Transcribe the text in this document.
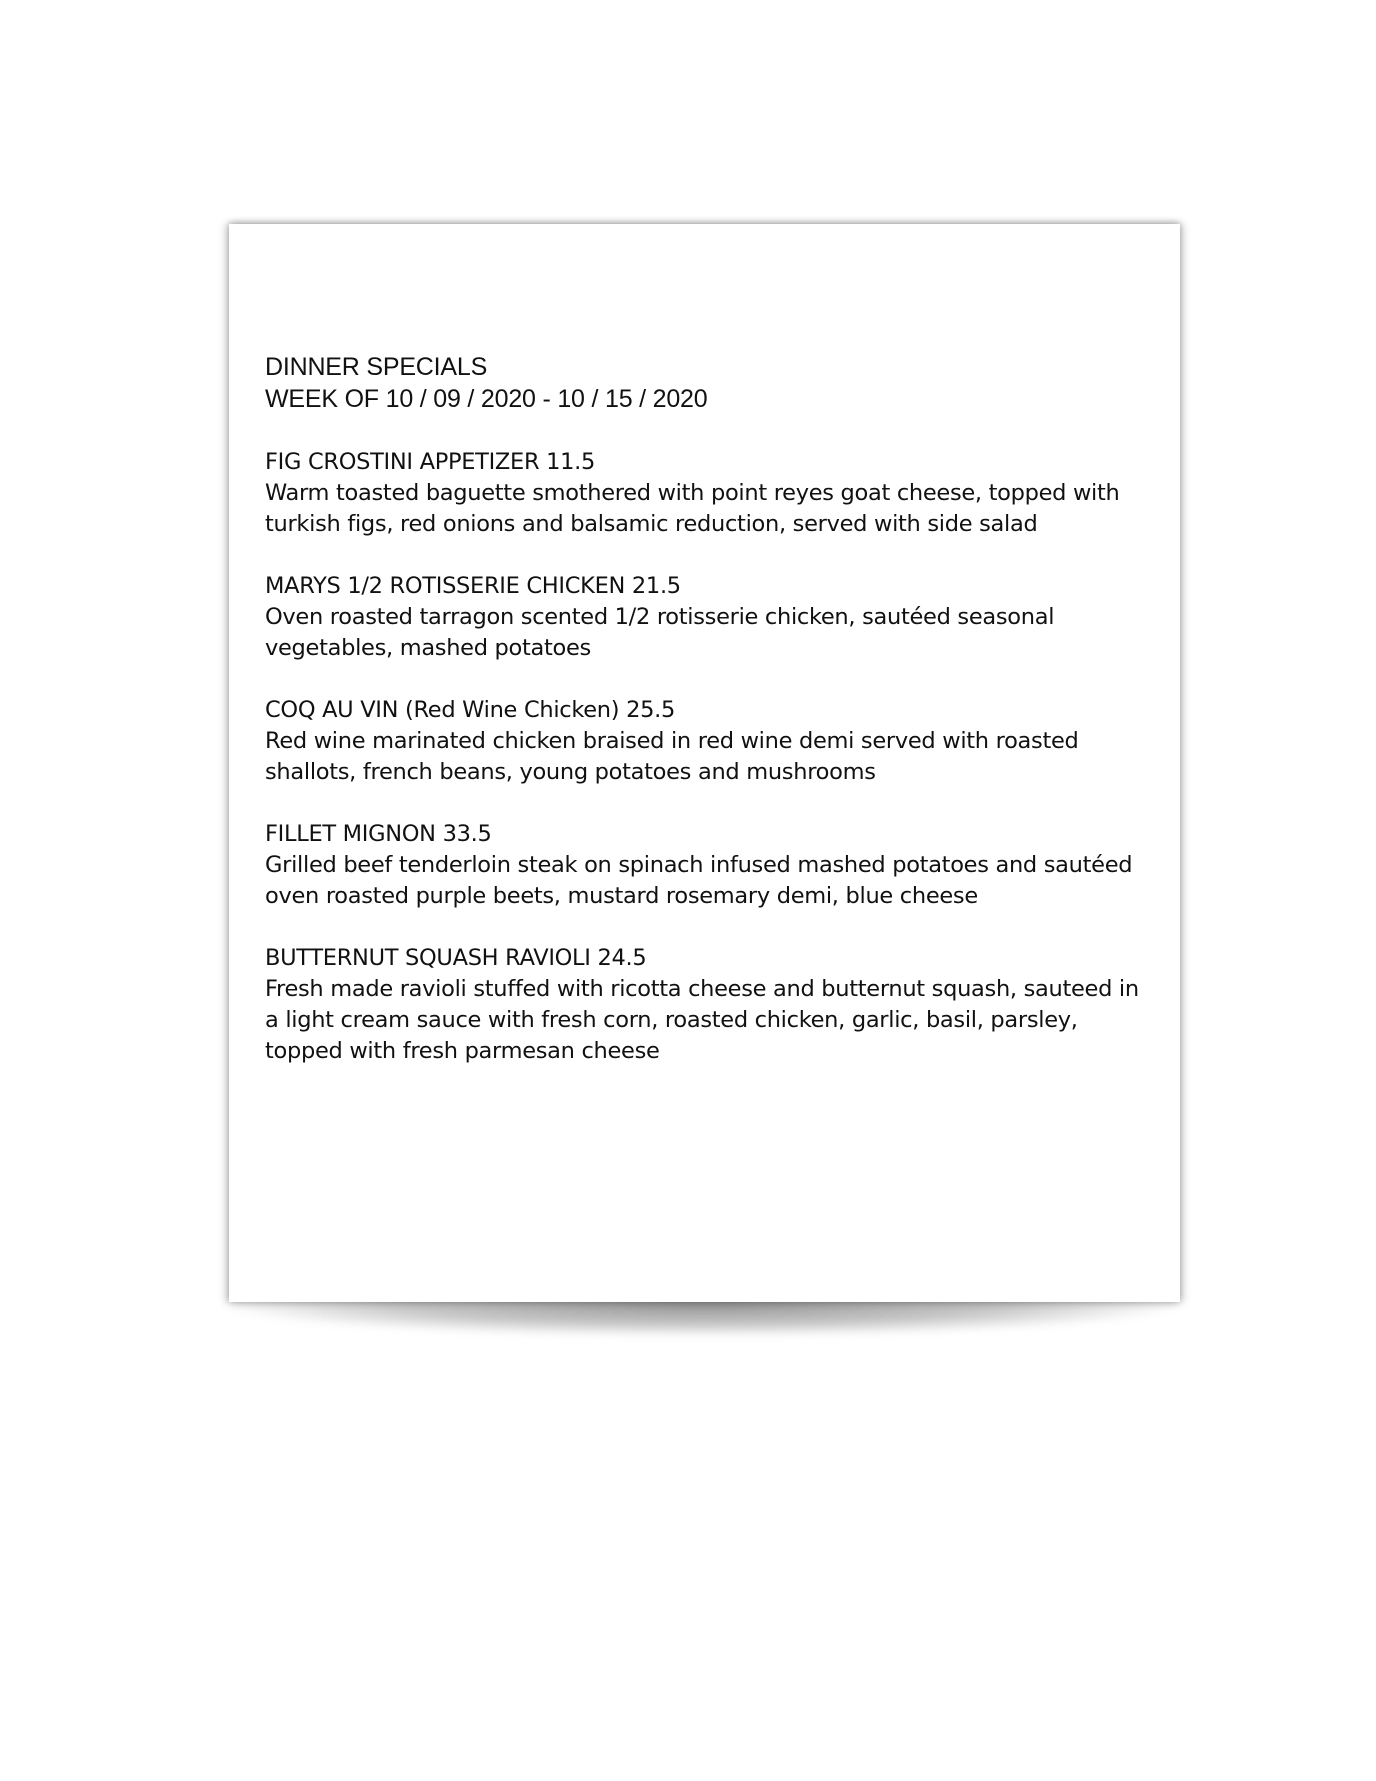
DINNER SPECIALS
WEEK OF 10 / 09 / 2020 - 10 / 15 / 2020
FIG CROSTINI APPETIZER 11.5
Warm toasted baguette smothered with point reyes goat cheese, topped with turkish figs, red onions and balsamic reduction, served with side salad
MARYS 1/2 ROTISSERIE CHICKEN 21.5
Oven roasted tarragon scented 1/2 rotisserie chicken, sautéed seasonal vegetables, mashed potatoes
COQ AU VIN (Red Wine Chicken) 25.5
Red wine marinated chicken braised in red wine demi served with roasted shallots, french beans, young potatoes and mushrooms
FILLET MIGNON 33.5
Grilled beef tenderloin steak on spinach infused mashed potatoes and sautéed oven roasted purple beets, mustard rosemary demi, blue cheese
BUTTERNUT SQUASH RAVIOLI 24.5
Fresh made ravioli stuffed with ricotta cheese and butternut squash, sauteed in a light cream sauce with fresh corn, roasted chicken, garlic, basil, parsley, topped with fresh parmesan cheese
